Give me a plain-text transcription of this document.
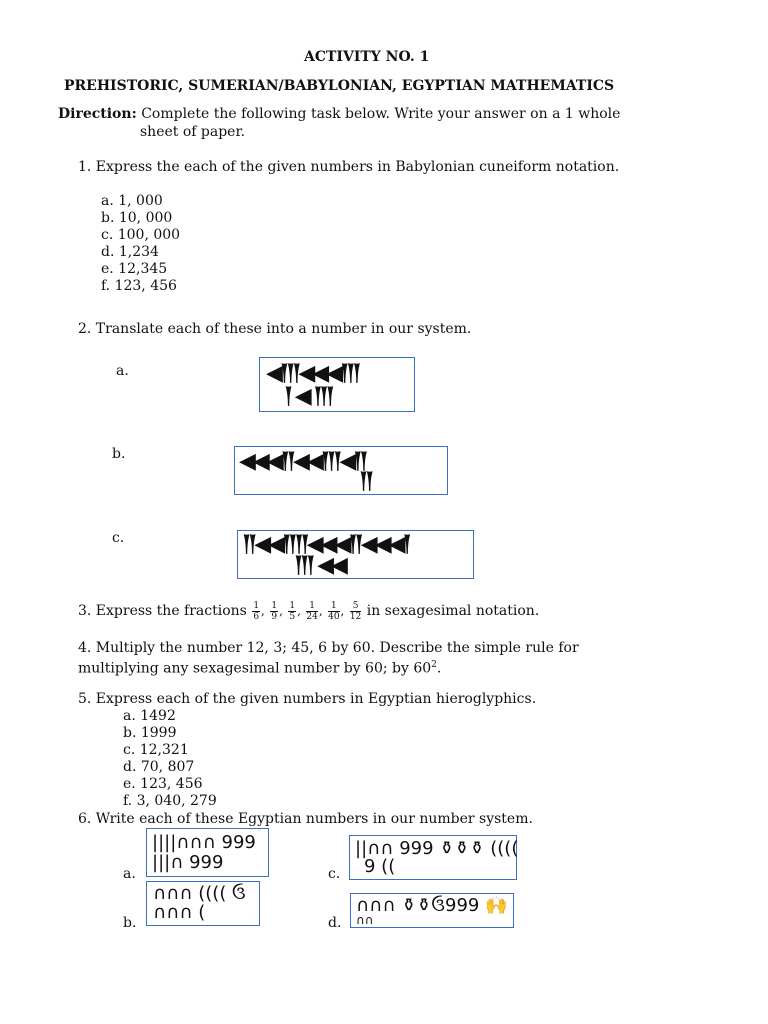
ACTIVITY NO. 1
PREHISTORIC, SUMERIAN/BABYLONIAN, EGYPTIAN MATHEMATICS
Direction: Complete the following task below. Write your answer on a 1 whole
sheet of paper.
1. Express the each of the given numbers in Babylonian cuneiform notation.
a. 1, 000
b. 10, 000
c. 100, 000
d. 1,234
e. 12,345
f. 123, 456
2. Translate each of these into a number in our system.
a.	◀𒁹𒁹𒁹◀◀◀𒁹𒁹𒁹
𒁹 ◀ 𒁹𒁹𒁹
b.	◀◀◀𒁹𒁹◀◀𒁹𒁹𒁹◀𒁹𒁹
𒁹𒁹
c.	𒁹𒁹◀◀𒁹𒁹𒁹𒁹◀◀◀𒁹𒁹◀◀◀𒁹
𒁹𒁹𒁹 ◀◀
3. Express the fractions $\frac{1}{6}$ , $\frac{1}{9}$ , $\frac{1}{5}$ , $\frac{1}{24}$ , $\frac{1}{40}$ , $\frac{5}{12}$ in sexagesimal notation.
4. Multiply the number 12, 3; 45, 6 by 60. Describe the simple rule for
multiplying any sexagesimal number by 60; by $60^2$.
5. Express each of the given numbers in Egyptian hieroglyphics.
a. 1492
b. 1999
c. 12,321
d. 70, 807
e. 123, 456
f. 3, 040, 279
6. Write each of these Egyptian numbers in our number system.
a.
||||∩∩∩ 999
|||∩ 999
b.
∩∩∩ (((( ઉ
∩∩∩ (
c.
||∩∩ 999 ⚱⚱⚱ ((((
9 ((
d.
∩∩∩ ⚱⚱ઉ999 🙌
∩∩
